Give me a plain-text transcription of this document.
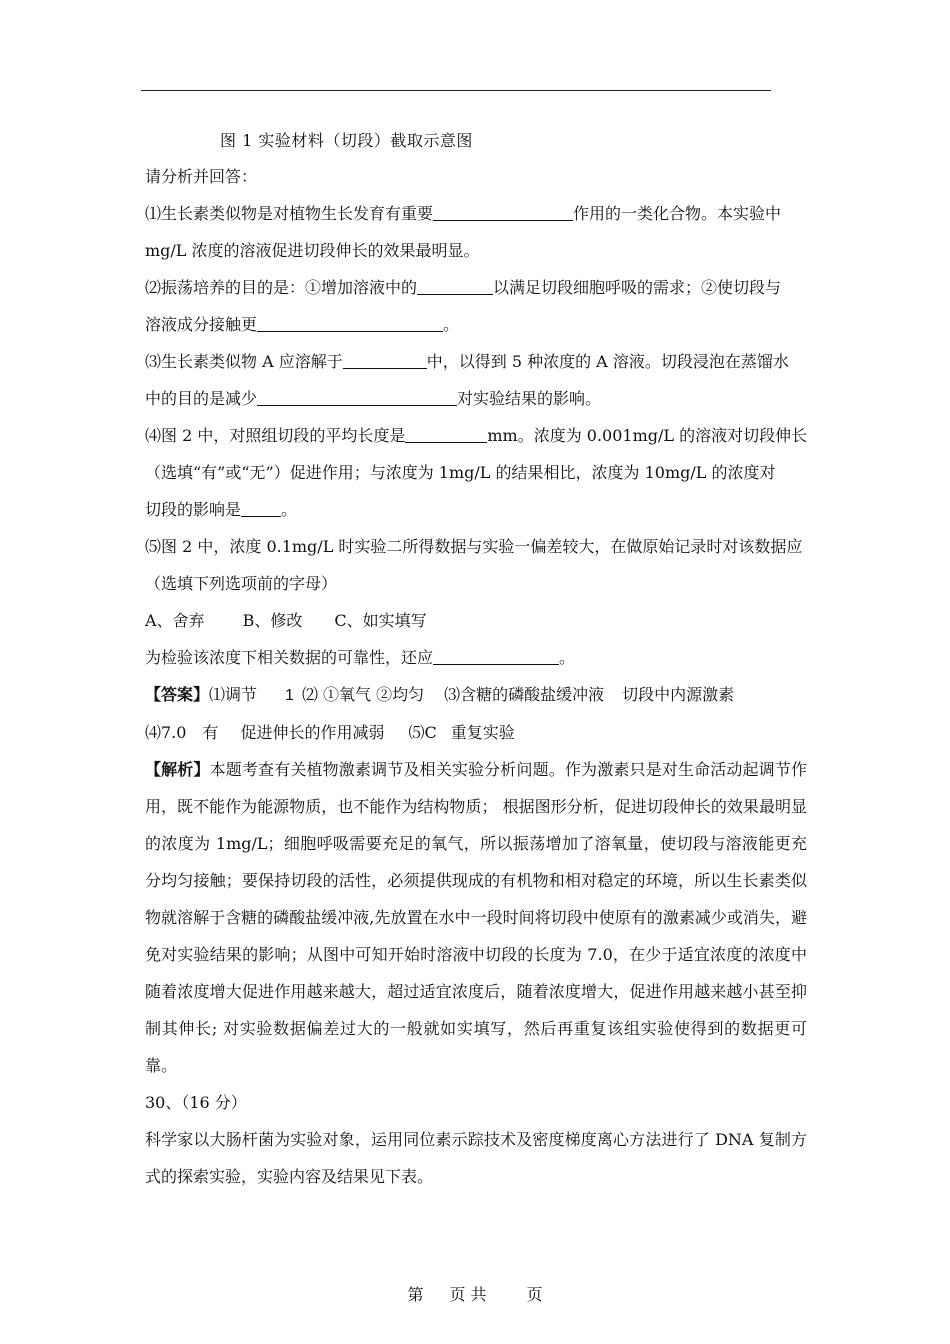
图 1 实验材料（切段）截取示意图

请分析并回答：

⑴生长素类似物是对植物生长发育有重要	作用的一类化合物。本实验中

mg/L 浓度的溶液促进切段伸长的效果最明显。

⑵振荡培养的目的是：①增加溶液中的	以满足切段细胞呼吸的需求；②使切段与

溶液成分接触更	。

⑶生长素类似物 A 应溶解于	中，以得到 5 种浓度的 A 溶液。切段浸泡在蒸馏水

中的目的是减少	对实验结果的影响。

⑷图 2 中，对照组切段的平均长度是	mm。浓度为 0.001mg/L 的溶液对切段伸长

（选填“有”或“无”）促进作用；与浓度为 1mg/L 的结果相比，浓度为 10mg/L 的浓度对

切段的影响是	。

⑸图 2 中，浓度 0.1mg/L 时实验二所得数据与实验一偏差较大，在做原始记录时对该数据应

（选填下列选项前的字母）

A、舍弃 B、修改 C、如实填写

为检验该浓度下相关数据的可靠性，还应	。

【答案】⑴调节 1 ⑵ ①氧气 ②均匀 ⑶含糖的磷酸盐缓冲液 切段中内源激素

⑷7.0 有 促进伸长的作用减弱 ⑸C 重复实验

【解析】本题考查有关植物激素调节及相关实验分析问题。作为激素只是对生命活动起调节作用，既不能作为能源物质，也不能作为结构物质； 根据图形分析，促进切段伸长的效果最明显的浓度为 1mg/L；细胞呼吸需要充足的氧气，所以振荡增加了溶氧量，使切段与溶液能更充分均匀接触；要保持切段的活性，必须提供现成的有机物和相对稳定的环境，所以生长素类似物就溶解于含糖的磷酸盐缓冲液,先放置在水中一段时间将切段中使原有的激素减少或消失，避免对实验结果的影响；从图中可知开始时溶液中切段的长度为 7.0，在少于适宜浓度的浓度中随着浓度增大促进作用越来越大，超过适宜浓度后，随着浓度增大，促进作用越来越小甚至抑制其伸长; 对实验数据偏差过大的一般就如实填写，然后再重复该组实验使得到的数据更可靠。

30、（16 分）

科学家以大肠杆菌为实验对象，运用同位素示踪技术及密度梯度离心方法进行了 DNA 复制方式的探索实验，实验内容及结果见下表。

第 页 共	页
